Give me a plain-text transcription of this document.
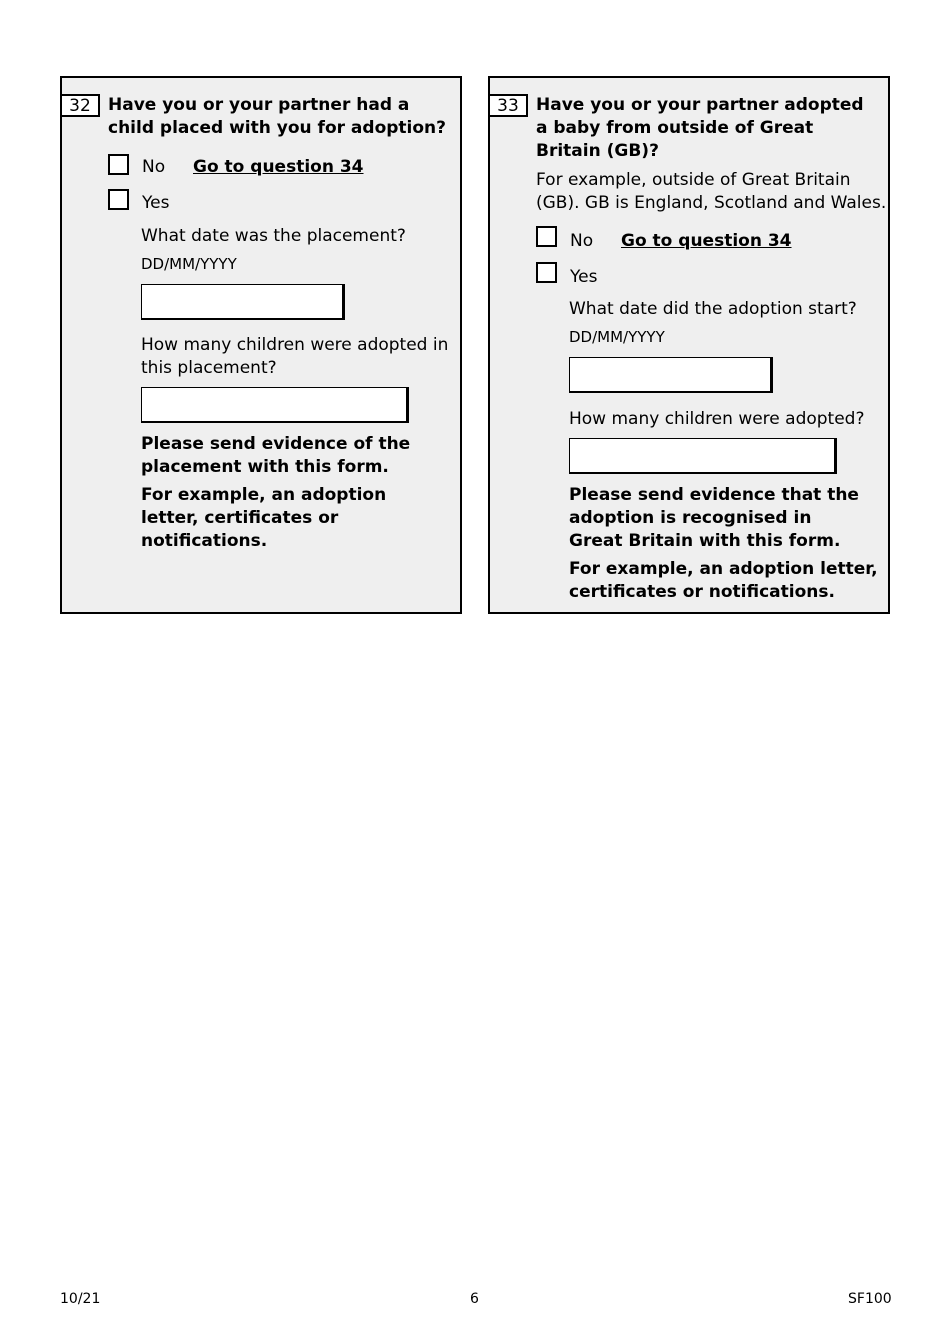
32	Have you or your partner had a child placed with you for adoption?
No Go to question 34
Yes
What date was the placement?
DD/MM/YYYY
How many children were adopted in this placement?
Please send evidence of the placement with this form.
For example, an adoption letter, certificates or notifications.
33	Have you or your partner adopted a baby from outside of Great Britain (GB)?
For example, outside of Great Britain (GB). GB is England, Scotland and Wales.
No Go to question 34
Yes
What date did the adoption start?
DD/MM/YYYY
How many children were adopted?
Please send evidence that the adoption is recognised in Great Britain with this form.
For example, an adoption letter, certificates or notifications.
10/21	6	SF100
